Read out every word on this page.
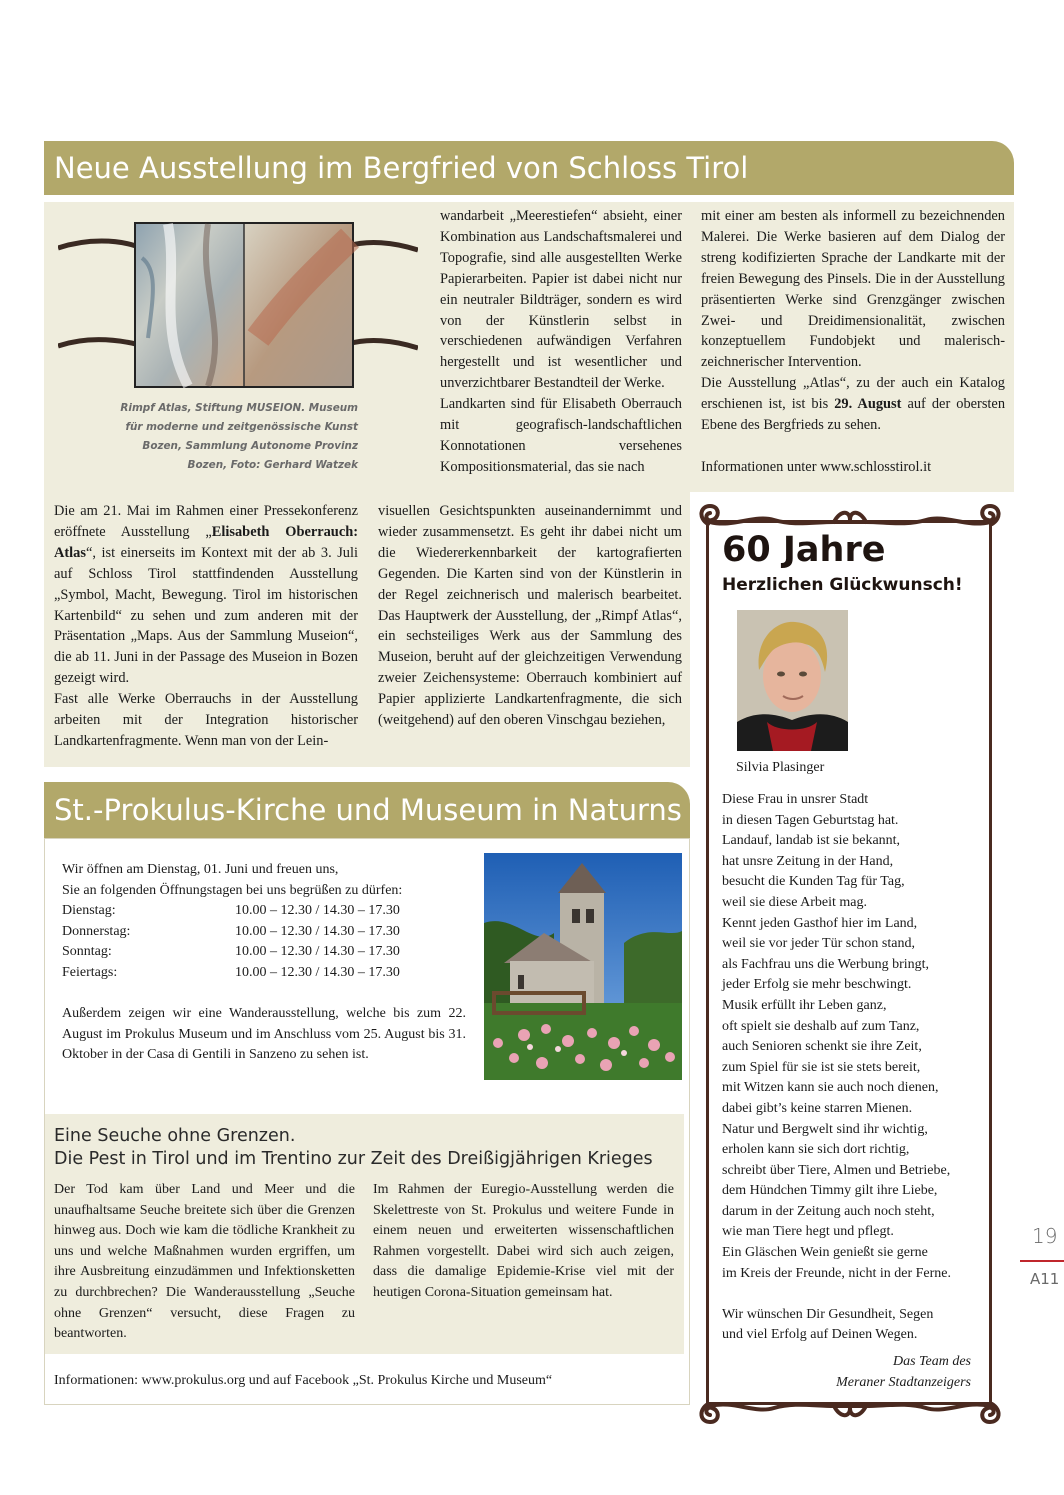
Neue Ausstellung im Bergfried von Schloss Tirol
Rimpf Atlas, Stiftung MUSEION. Museum für moderne und zeitgenössische Kunst Bozen, Sammlung Autonome Provinz Bozen, Foto: Gerhard Watzek

Die am 21. Mai im Rahmen einer Pressekonferenz eröffnete Ausstellung „Elisabeth Oberrauch: Atlas“, ist einerseits im Kontext mit der ab 3. Juli auf Schloss Tirol stattfindenden Ausstellung „Symbol, Macht, Bewegung. Tirol im historischen Kartenbild“ zu sehen und zum anderen mit der Präsentation „Maps. Aus der Sammlung Museion“, die ab 11. Juni in der Passage des Museion in Bozen gezeigt wird.

Fast alle Werke Oberrauchs in der Ausstellung arbeiten mit der Integration historischer Landkartenfragmente. Wenn man von der Lein-

wandarbeit „Meerestiefen“ absieht, einer Kombination aus Landschaftsmalerei und Topografie, sind alle ausgestellten Werke Papierarbeiten. Papier ist dabei nicht nur ein neutraler Bildträger, sondern es wird von der Künstlerin selbst in verschiedenen aufwändigen Verfahren hergestellt und ist wesentlicher und unverzichtbarer Bestandteil der Werke.

Landkarten sind für Elisabeth Oberrauch mit geografisch-landschaftlichen Konnotationen versehenes Kompositionsmaterial, das sie nach

visuellen Gesichtspunkten auseinandernimmt und wieder zusammensetzt. Es geht ihr dabei nicht um die Wiedererkennbarkeit der kartografierten Gegenden. Die Karten sind von der Künstlerin in der Regel zeichnerisch und malerisch bearbeitet. Das Hauptwerk der Ausstellung, der „Rimpf Atlas“, ein sechsteiliges Werk aus der Sammlung des Museion, beruht auf der gleichzeitigen Verwendung zweier Zeichensysteme: Oberrauch kombiniert auf Papier applizierte Landkartenfragmente, die sich (weitgehend) auf den oberen Vinschgau beziehen,

mit einer am besten als informell zu bezeichnenden Malerei. Die Werke basieren auf dem Dialog der streng kodifizierten Sprache der Landkarte mit der freien Bewegung des Pinsels. Die in der Ausstellung präsentierten Werke sind Grenzgänger zwischen Zwei- und Dreidimensionalität, zwischen konzeptuellem Fundobjekt und malerisch-zeichnerischer Intervention.

Die Ausstellung „Atlas“, zu der auch ein Katalog erschienen ist, ist bis 29. August auf der obersten Ebene des Bergfrieds zu sehen.

Informationen unter www.schlosstirol.it

St.-Prokulus-Kirche und Museum in Naturns
Wir öffnen am Dienstag, 01. Juni und freuen uns,
Sie an folgenden Öffnungstagen bei uns begrüßen zu dürfen:
Dienstag:	10.00 – 12.30 / 14.30 – 17.30
Donnerstag:	10.00 – 12.30 / 14.30 – 17.30
Sonntag:	10.00 – 12.30 / 14.30 – 17.30
Feiertags:	10.00 – 12.30 / 14.30 – 17.30
Außerdem zeigen wir eine Wanderausstellung, welche bis zum 22. August im Prokulus Museum und im Anschluss vom 25. August bis 31. Oktober in der Casa di Gentili in Sanzeno zu sehen ist.
Eine Seuche ohne Grenzen.
Die Pest in Tirol und im Trentino zur Zeit des Dreißigjährigen Krieges
Der Tod kam über Land und Meer und die unaufhaltsame Seuche breitete sich über die Grenzen hinweg aus. Doch wie kam die tödliche Krankheit zu uns und welche Maßnahmen wurden ergriffen, um ihre Ausbreitung einzudämmen und Infektionsketten zu durchbrechen? Die Wanderausstellung „Seuche ohne Grenzen“ versucht, diese Fragen zu beantworten.
Im Rahmen der Euregio-Ausstellung werden die Skelettreste von St. Prokulus und weitere Funde in einem neuen und erweiterten wissenschaftlichen Rahmen vorgestellt. Dabei wird sich auch zeigen, dass die damalige Epidemie-Krise viel mit der heutigen Corona-Situation gemeinsam hat.
Informationen: www.prokulus.org und auf Facebook „St. Prokulus Kirche und Museum“
60 Jahre
Herzlichen Glückwunsch!
Silvia Plasinger
Diese Frau in unsrer Stadt
in diesen Tagen Geburtstag hat.
Landauf, landab ist sie bekannt,
hat unsre Zeitung in der Hand,
besucht die Kunden Tag für Tag,
weil sie diese Arbeit mag.
Kennt jeden Gasthof hier im Land,
weil sie vor jeder Tür schon stand,
als Fachfrau uns die Werbung bringt,
jeder Erfolg sie mehr beschwingt.
Musik erfüllt ihr Leben ganz,
oft spielt sie deshalb auf zum Tanz,
auch Senioren schenkt sie ihre Zeit,
zum Spiel für sie ist sie stets bereit,
mit Witzen kann sie auch noch dienen,
dabei gibt’s keine starren Mienen.
Natur und Bergwelt sind ihr wichtig,
erholen kann sie sich dort richtig,
schreibt über Tiere, Almen und Betriebe,
dem Hündchen Timmy gilt ihre Liebe,
darum in der Zeitung auch noch steht,
wie man Tiere hegt und pflegt.
Ein Gläschen Wein genießt sie gerne
im Kreis der Freunde, nicht in der Ferne.
Wir wünschen Dir Gesundheit, Segen
und viel Erfolg auf Deinen Wegen.
Das Team des
Meraner Stadtanzeigers
19
A11
